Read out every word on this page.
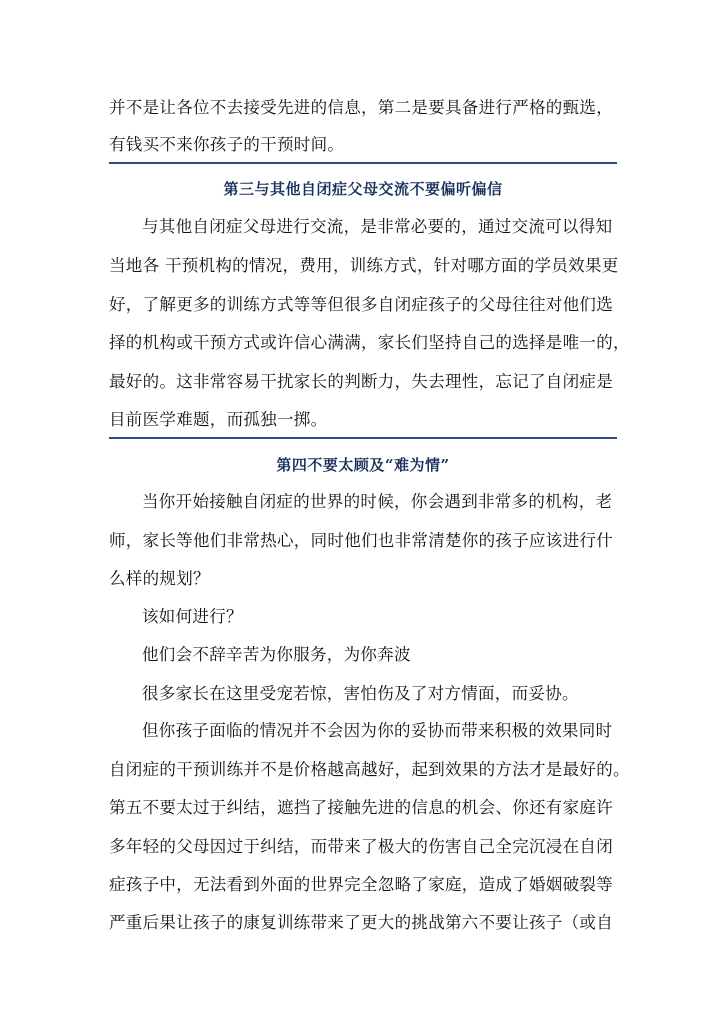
并不是让各位不去接受先进的信息，第二是要具备进行严格的甄选，
有钱买不来你孩子的干预时间。
第三与其他自闭症父母交流不要偏听偏信
与其他自闭症父母进行交流，是非常必要的，通过交流可以得知
当地各 干预机构的情况，费用，训练方式，针对哪方面的学员效果更
好，了解更多的训练方式等等但很多自闭症孩子的父母往往对他们选
择的机构或干预方式或许信心满满，家长们坚持自己的选择是唯一的，
最好的。这非常容易干扰家长的判断力，失去理性，忘记了自闭症是
目前医学难题，而孤独一掷。
第四不要太顾及“难为情”
当你开始接触自闭症的世界的时候，你会遇到非常多的机构，老
师，家长等他们非常热心，同时他们也非常清楚你的孩子应该进行什
么样的规划？
该如何进行？
他们会不辞辛苦为你服务，为你奔波
很多家长在这里受宠若惊，害怕伤及了对方情面，而妥协。
但你孩子面临的情况并不会因为你的妥协而带来积极的效果同时
自闭症的干预训练并不是价格越高越好，起到效果的方法才是最好的。
第五不要太过于纠结，遮挡了接触先进的信息的机会、你还有家庭许
多年轻的父母因过于纠结，而带来了极大的伤害自己全完沉浸在自闭
症孩子中，无法看到外面的世界完全忽略了家庭，造成了婚姻破裂等
严重后果让孩子的康复训练带来了更大的挑战第六不要让孩子（或自
